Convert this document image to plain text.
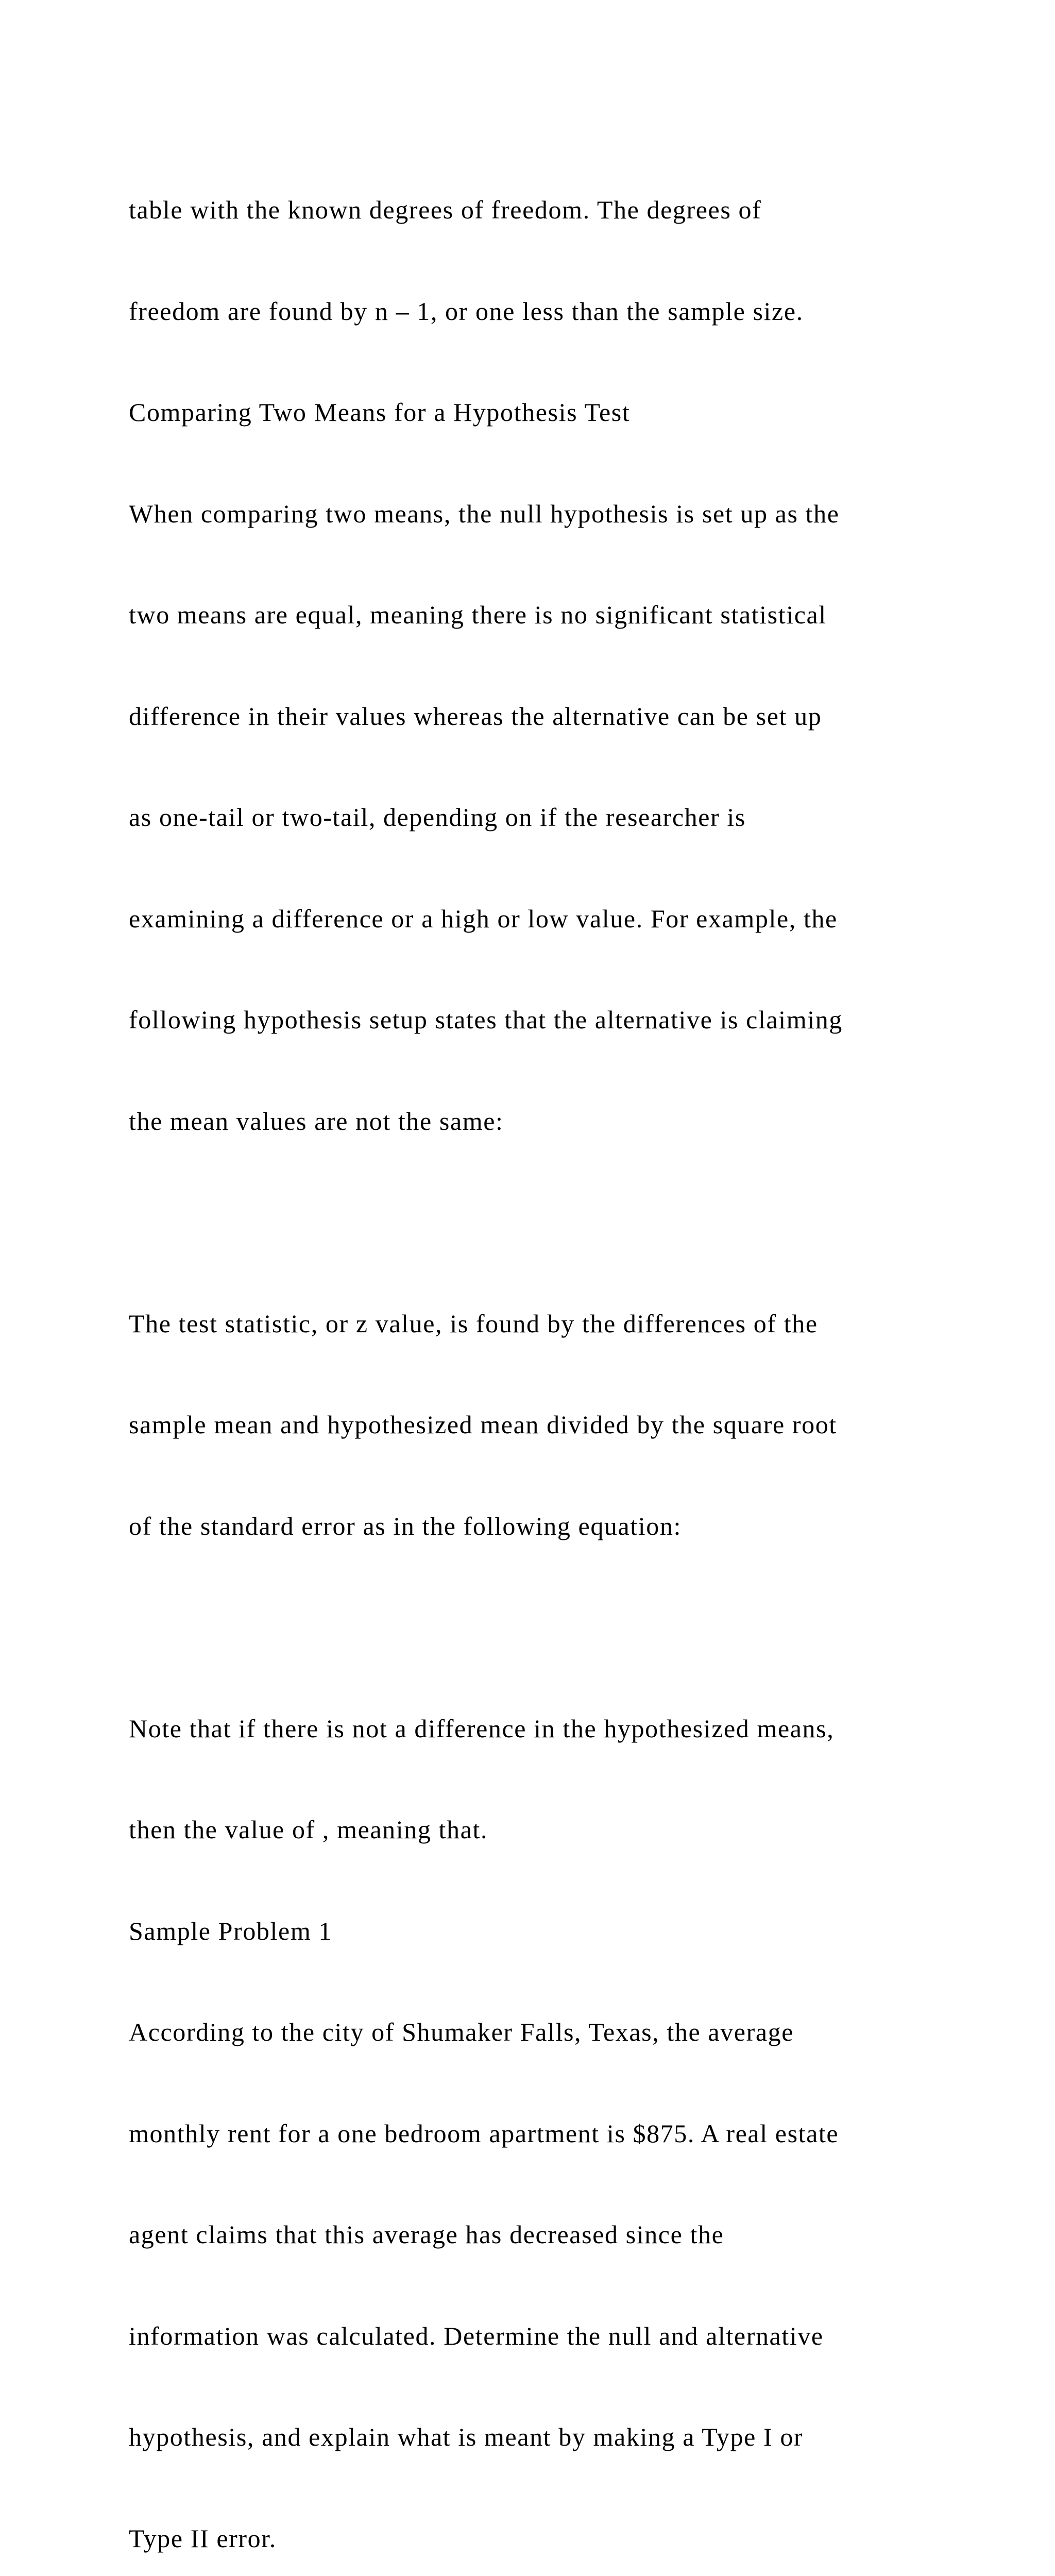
table with the known degrees of freedom. The degrees of

freedom are found by n – 1, or one less than the sample size.

Comparing Two Means for a Hypothesis Test

When comparing two means, the null hypothesis is set up as the

two means are equal, meaning there is no significant statistical

difference in their values whereas the alternative can be set up

as one-tail or two-tail, depending on if the researcher is

examining a difference or a high or low value. For example, the

following hypothesis setup states that the alternative is claiming

the mean values are not the same:

The test statistic, or z value, is found by the differences of the

sample mean and hypothesized mean divided by the square root

of the standard error as in the following equation:

Note that if there is not a difference in the hypothesized means,

then the value of , meaning that.

Sample Problem 1

According to the city of Shumaker Falls, Texas, the average

monthly rent for a one bedroom apartment is $875. A real estate

agent claims that this average has decreased since the

information was calculated. Determine the null and alternative

hypothesis, and explain what is meant by making a Type I or

Type II error.
